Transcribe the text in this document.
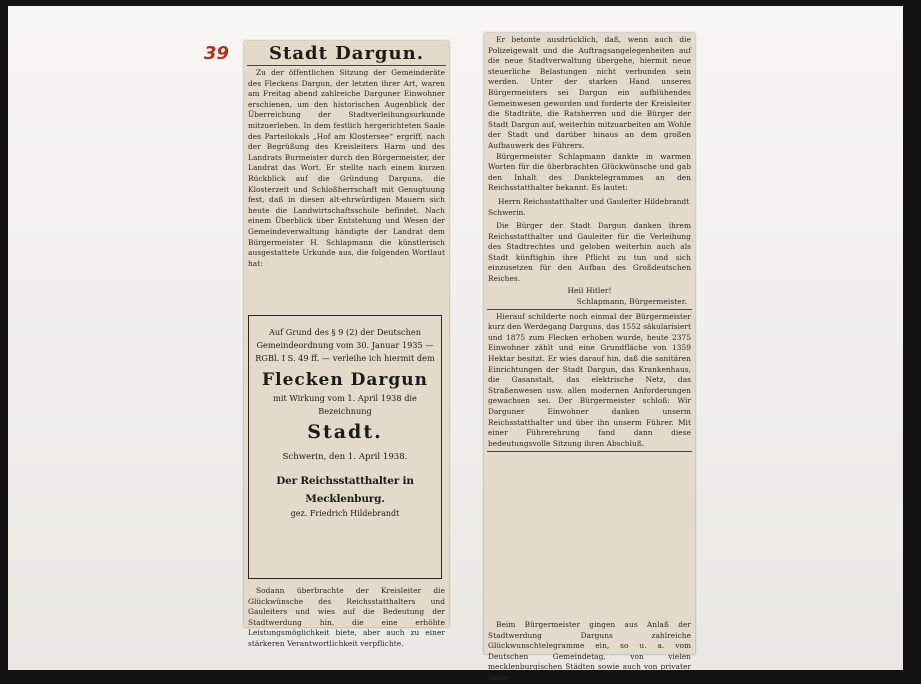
39	Stadt Dargun.
Zu der öffentlichen Sitzung der Gemeinderäte des Fleckens Dargun, der letzten ihrer Art, waren am Freitag abend zahlreiche Darguner Einwohner erschienen, um den historischen Augenblick der Überreichung der Stadtverleihungsurkunde mitzuerleben. In dem festlich hergerichteten Saale des Parteilokals „Hof am Klostersee“ ergriff, nach der Begrüßung des Kreisleiters Harm und des Landrats Burmeister durch den Bürgermeister, der Landrat das Wort. Er stellte nach einem kurzen Rückblick auf die Gründung Darguns, die Klosterzeit und Schloßherrschaft mit Genugtuung fest, daß in diesen alt-ehrwürdigen Mauern sich heute die Landwirtschaftsschule befindet. Nach einem Überblick über Entstehung und Wesen der Gemeindeverwaltung händigte der Landrat dem Bürgermeister H. Schlapmann die künstlerisch ausgestattete Urkunde aus, die folgenden Wortlaut hat:
Auf Grund des § 9 (2) der Deutschen Gemeindeordnung vom 30. Januar 1935 — RGBl. I S. 49 ff. — verleihe ich hiermit dem
Flecken Dargun
mit Wirkung vom 1. April 1938 die Bezeichnung
Stadt.
Schwerin, den 1. April 1938.
Der Reichsstatthalter in Mecklenburg.
gez. Friedrich Hildebrandt
Sodann überbrachte der Kreisleiter die Glückwünsche des Reichsstatthalters und Gauleiters und wies auf die Bedeutung der Stadtwerdung hin, die eine erhöhte Leistungsmöglichkeit biete, aber auch zu einer stärkeren Verantwortlichkeit verpflichte.
Er betonte ausdrücklich, daß, wenn auch die Polizeigewalt und die Auftragsangelegenheiten auf die neue Stadtverwaltung übergehe, hiermit neue steuerliche Belastungen nicht verbunden sein werden. Unter der starken Hand unseres Bürgermeisters sei Dargun ein aufblühendes Gemeinwesen geworden und forderte der Kreisleiter die Stadträte, die Ratsherren und die Bürger der Stadt Dargun auf, weiterhin mitzuarbeiten am Wohle der Stadt und darüber hinaus an dem großen Aufbauwerk des Führers.
Bürgermeister Schlapmann dankte in warmen Worten für die überbrachten Glückwünsche und gab den Inhalt des Danktelegrammes an den Reichsstatthalter bekannt. Es lautet:
Herrn Reichsstatthalter und Gauleiter Hildebrandt Schwerin.
Die Bürger der Stadt Dargun danken ihrem Reichsstatthalter und Gauleiter für die Verleihung des Stadtrechtes und geloben weiterhin auch als Stadt künftighin ihre Pflicht zu tun und sich einzusetzen für den Aufbau des Großdeutschen Reiches.
Heil Hitler!
Schlapmann, Bürgermeister.
Hierauf schilderte noch einmal der Bürgermeister kurz den Werdegang Darguns, das 1552 säkularisiert und 1875 zum Flecken erhoben wurde, heute 2375 Einwohner zählt und eine Grundfläche von 1359 Hektar besitzt. Er wies darauf hin, daß die sanitären Einrichtungen der Stadt Dargun, das Krankenhaus, die Gasanstalt, das elektrische Netz, das Straßenwesen usw. allen modernen Anforderungen gewachsen sei. Der Bürgermeister schloß: Wir Darguner Einwohner danken unserm Reichsstatthalter und über ihn unserm Führer. Mit einer Führerehrung fand dann diese bedeutungsvolle Sitzung ihren Abschluß.
Beim Bürgermeister gingen aus Anlaß der Stadtwerdung Darguns zahlreiche Glückwunschtelegramme ein, so u. a. vom Deutschen Gemeindetag, von vielen mecklenburgischen Städten sowie auch von privater Seite.
